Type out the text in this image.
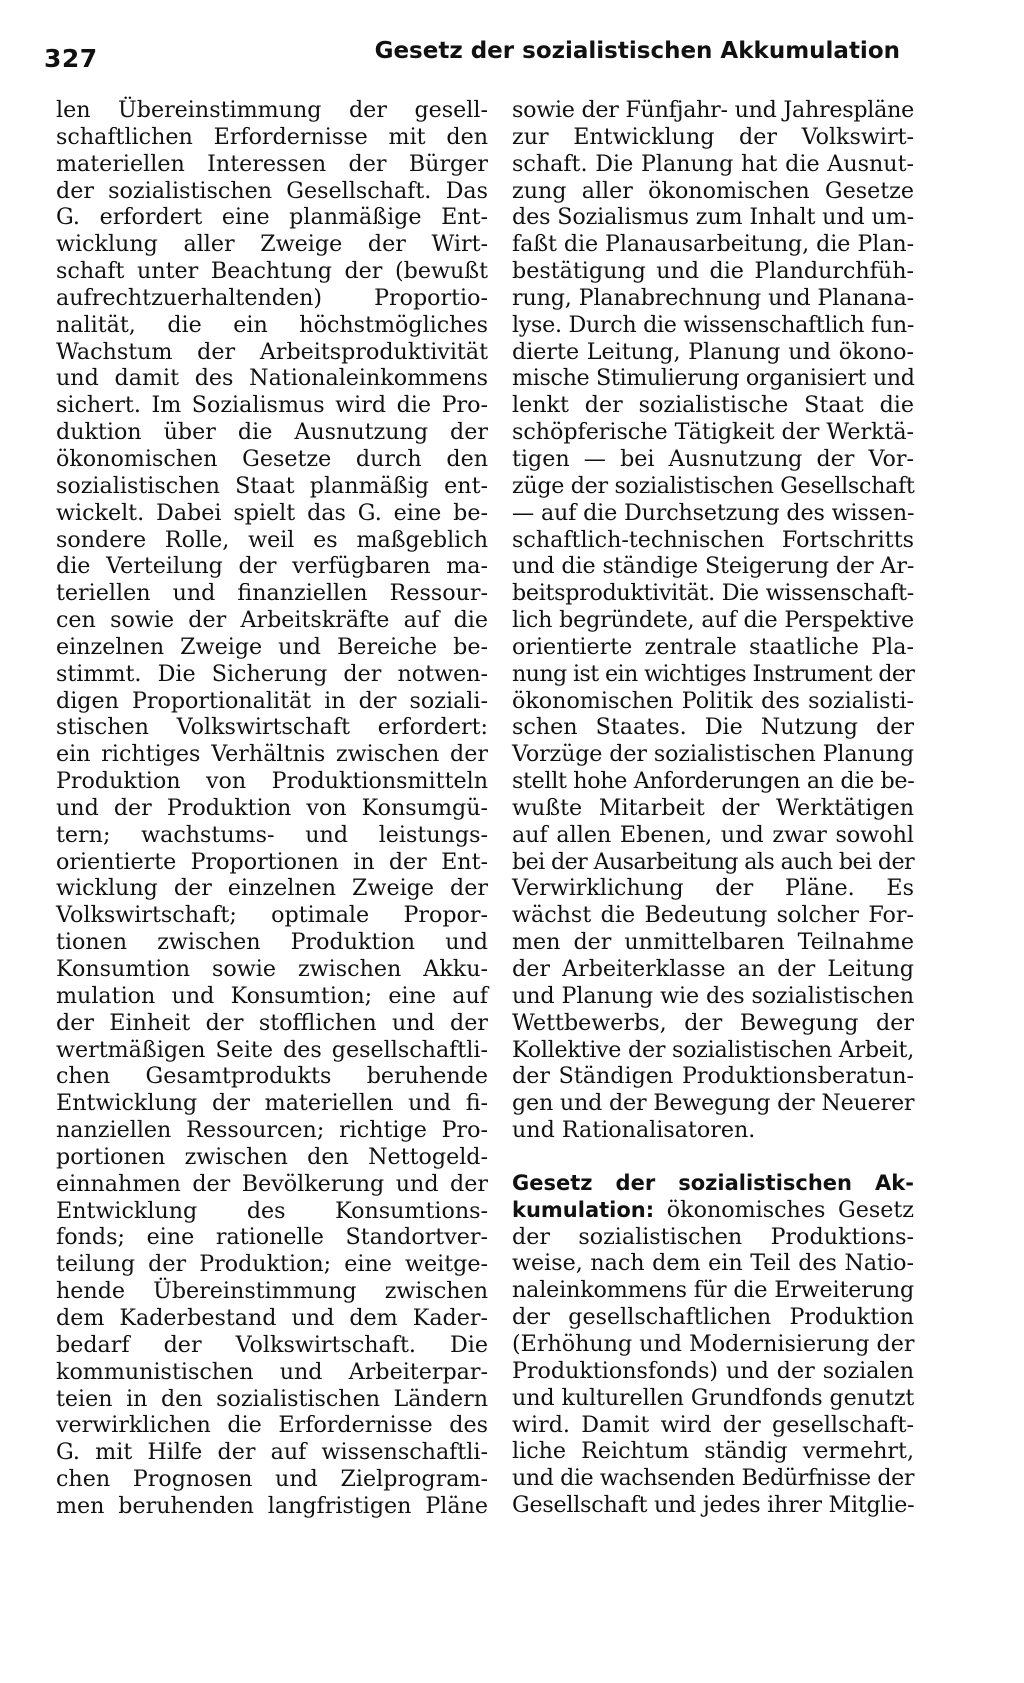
327	Gesetz der sozialistischen Akkumulation
len Übereinstimmung der gesell-
schaftlichen Erfordernisse mit den
materiellen Interessen der Bürger
der sozialistischen Gesellschaft. Das
G. erfordert eine planmäßige Ent-
wicklung aller Zweige der Wirt-
schaft unter Beachtung der (bewußt
aufrechtzuerhaltenden) Proportio-
nalität, die ein höchstmögliches
Wachstum der Arbeitsproduktivität
und damit des Nationaleinkommens
sichert. Im Sozialismus wird die Pro-
duktion über die Ausnutzung der
ökonomischen Gesetze durch den
sozialistischen Staat planmäßig ent-
wickelt. Dabei spielt das G. eine be-
sondere Rolle, weil es maßgeblich
die Verteilung der verfügbaren ma-
teriellen und finanziellen Ressour-
cen sowie der Arbeitskräfte auf die
einzelnen Zweige und Bereiche be-
stimmt. Die Sicherung der notwen-
digen Proportionalität in der soziali-
stischen Volkswirtschaft erfordert:
ein richtiges Verhältnis zwischen der
Produktion von Produktionsmitteln
und der Produktion von Konsumgü-
tern; wachstums- und leistungs-
orientierte Proportionen in der Ent-
wicklung der einzelnen Zweige der
Volkswirtschaft; optimale Propor-
tionen zwischen Produktion und
Konsumtion sowie zwischen Akku-
mulation und Konsumtion; eine auf
der Einheit der stofflichen und der
wertmäßigen Seite des gesellschaftli-
chen Gesamtprodukts beruhende
Entwicklung der materiellen und fi-
nanziellen Ressourcen; richtige Pro-
portionen zwischen den Nettogeld-
einnahmen der Bevölkerung und der
Entwicklung des Konsumtions-
fonds; eine rationelle Standortver-
teilung der Produktion; eine weitge-
hende Übereinstimmung zwischen
dem Kaderbestand und dem Kader-
bedarf der Volkswirtschaft. Die
kommunistischen und Arbeiterpar-
teien in den sozialistischen Ländern
verwirklichen die Erfordernisse des
G. mit Hilfe der auf wissenschaftli-
chen Prognosen und Zielprogram-
men beruhenden langfristigen Pläne
sowie der Fünfjahr- und Jahrespläne
zur Entwicklung der Volkswirt-
schaft. Die Planung hat die Ausnut-
zung aller ökonomischen Gesetze
des Sozialismus zum Inhalt und um-
faßt die Planausarbeitung, die Plan-
bestätigung und die Plandurchfüh-
rung, Planabrechnung und Planana-
lyse. Durch die wissenschaftlich fun-
dierte Leitung, Planung und ökono-
mische Stimulierung organisiert und
lenkt der sozialistische Staat die
schöpferische Tätigkeit der Werktä-
tigen — bei Ausnutzung der Vor-
züge der sozialistischen Gesellschaft
— auf die Durchsetzung des wissen-
schaftlich-technischen Fortschritts
und die ständige Steigerung der Ar-
beitsproduktivität. Die wissenschaft-
lich begründete, auf die Perspektive
orientierte zentrale staatliche Pla-
nung ist ein wichtiges Instrument der
ökonomischen Politik des sozialisti-
schen Staates. Die Nutzung der
Vorzüge der sozialistischen Planung
stellt hohe Anforderungen an die be-
wußte Mitarbeit der Werktätigen
auf allen Ebenen, und zwar sowohl
bei der Ausarbeitung als auch bei der
Verwirklichung der Pläne. Es
wächst die Bedeutung solcher For-
men der unmittelbaren Teilnahme
der Arbeiterklasse an der Leitung
und Planung wie des sozialistischen
Wettbewerbs, der Bewegung der
Kollektive der sozialistischen Arbeit,
der Ständigen Produktionsberatun-
gen und der Bewegung der Neuerer
und Rationalisatoren.
Gesetz der sozialistischen Ak-
kumulation: ökonomisches Gesetz
der sozialistischen Produktions-
weise, nach dem ein Teil des Natio-
naleinkommens für die Erweiterung
der gesellschaftlichen Produktion
(Erhöhung und Modernisierung der
Produktionsfonds) und der sozialen
und kulturellen Grundfonds genutzt
wird. Damit wird der gesellschaft-
liche Reichtum ständig vermehrt,
und die wachsenden Bedürfnisse der
Gesellschaft und jedes ihrer Mitglie-
